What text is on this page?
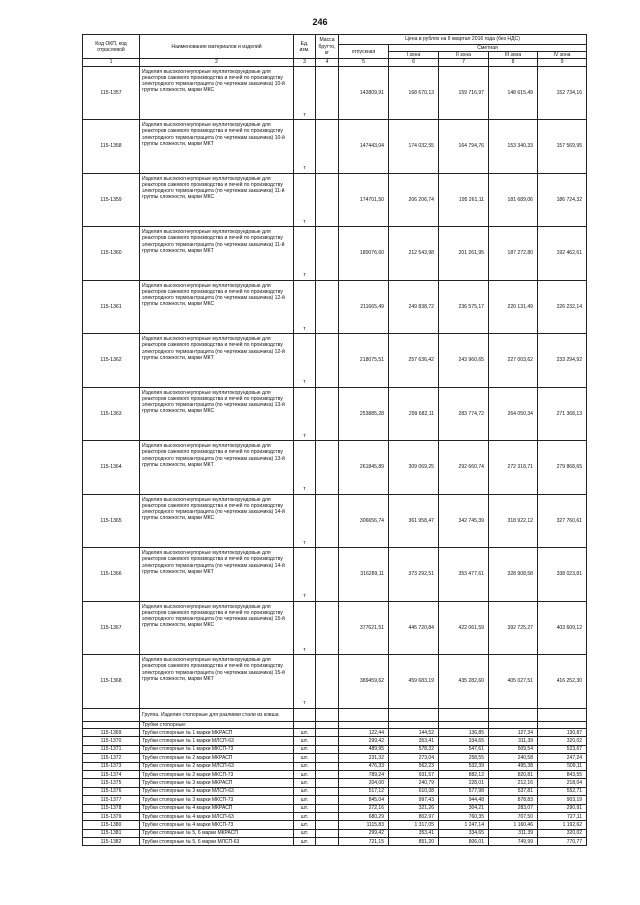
246
Код ОКП, код отраслевой	Наименование материалов и изделий	Ед. изм.	Масса брутто, кг	Цена в рублях на II квартал 2016 года (без НДС)				
				отпускная	Сметная			
					I зона	II зона	III зона	IV зона
1	2	3	4	5	6	7	8	9
115-1357	Изделия высокоогнеупорные муллитокорундовые для реакторов сажевого производства и печей по производству электродного термоантрацита (по чертежам заказчика) 10-й группы сложности, марки МКС	т		142809,91	168 670,13	159 716,97	148 615,49	152 734,16
115-1358	Изделия высокоогнеупорные муллитокорундовые для реакторов сажевого производства и печей по производству электродного термоантрацита (по чертежам заказчика) 10-й группы сложности, марки МКТ	т		147443,04	174 032,55	164 794,76	153 340,33	157 569,95
115-1359	Изделия высокоогнеупорные муллитокорундовые для реакторов сажевого производства и печей по производству электродного термоантрацита (по чертежам заказчика) 11-й группы сложности, марки МКС	т		174701,50	206 206,74	195 261,11	181 689,06	186 724,32
115-1360	Изделия высокоогнеупорные муллитокорундовые для реакторов сажевого производства и печей по производству электродного термоантрацита (по чертежам заказчика) 11-й группы сложности, марки МКТ	т		180076,60	212 543,98	201 261,95	187 272,80	192 462,61
115-1361	Изделия высокоогнеупорные муллитокорундовые для реакторов сажевого производства и печей по производству электродного термоантрацита (по чертежам заказчика) 12-й группы сложности, марки МКС	т		211665,49	249 838,72	236 575,17	220 131,49	226 232,14
115-1362	Изделия высокоогнеупорные муллитокорундовые для реакторов сажевого производства и печей по производству электродного термоантрацита (по чертежам заказчика) 12-й группы сложности, марки МКТ	т		218075,51	257 636,42	243 960,65	227 003,62	233 294,92
115-1363	Изделия высокоогнеупорные муллитокорундовые для реакторов сажевого производства и печей по производству электродного термоантрацита (по чертежам заказчика) 13-й группы сложности, марки МКС	т		253885,28	299 682,11	283 774,72	264 050,34	271 368,13
115-1364	Изделия высокоогнеупорные муллитокорундовые для реакторов сажевого производства и печей по производству электродного термоантрацита (по чертежам заказчика) 13-й группы сложности, марки МКТ	т		261845,89	309 069,25	292 660,74	272 318,71	279 868,65
115-1365	Изделия высокоогнеупорные муллитокорундовые для реакторов сажевого производства и печей по производству электродного термоантрацита (по чертежам заказчика) 14-й группы сложности, марки МКС	т		306656,74	361 958,47	342 745,39	318 922,12	327 760,61
115-1366	Изделия высокоогнеупорные муллитокорундовые для реакторов сажевого производства и печей по производству электродного термоантрацита (по чертежам заказчика) 14-й группы сложности, марки МКТ	т		316289,11	373 292,51	353 477,61	328 908,58	338 023,81
115-1367	Изделия высокоогнеупорные муллитокорундовые для реакторов сажевого производства и печей по производству электродного термоантрацита (по чертежам заказчика) 15-й группы сложности, марки МКС	т		377621,51	445 720,84	422 061,59	392 725,27	403 609,12
115-1368	Изделия высокоогнеупорные муллитокорундовые для реакторов сажевого производства и печей по производству электродного термоантрацита (по чертежам заказчика) 15-й группы сложности, марки МКТ	т		389459,62	459 683,19	435 282,60	405 027,51	416 252,30
	Группа. Изделия стопорные для разливки стали из ковша							
	Трубки стопорные:							
115-1369	Трубки стопорные № 1 марки МКРАСП	шт.		122,44	144,52	136,85	127,34	130,87
115-1370	Трубки стопорные № 1 марки МЛСП-63	шт.		299,42	353,41	334,65	311,39	320,02
115-1371	Трубки стопорные № 1 марки МКСП-73	шт.		489,95	578,32	547,61	509,54	523,67
115-1372	Трубки стопорные № 2 марки МКРАСП	шт.		231,32	273,04	258,55	240,58	247,24
115-1373	Трубки стопорные № 2 марки МЛСП-63	шт.		476,33	562,23	532,39	495,38	509,11
115-1374	Трубки стопорные № 2 марки МКСП-73	шт.		789,24	931,57	882,12	820,81	843,55
115-1375	Трубки стопорные № 3 марки МКРАСП	шт.		204,00	240,79	228,01	212,16	218,04
115-1376	Трубки стопорные № 3 марки МЛСП-63	шт.		517,12	610,38	577,98	537,81	552,71
115-1377	Трубки стопорные № 3 марки МКСП-73	шт.		845,04	997,43	944,48	878,83	903,19
115-1378	Трубки стопорные № 4 марки МКРАСП	шт.		272,16	321,26	304,21	283,07	290,91
115-1379	Трубки стопорные № 4 марки МЛСП-63	шт.		680,29	802,97	760,35	707,50	727,11
115-1380	Трубки стопорные № 4 марки МКСП-73	шт.		1115,83	1 317,05	1 247,14	1 160,46	1 192,62
115-1381	Трубки стопорные № 5, 6 марки МКРАСП	шт.		299,42	353,41	334,65	311,39	320,02
115-1382	Трубки стопорные № 5, 6 марки МЛСП-63	шт.		721,15	851,20	806,01	749,99	770,77
